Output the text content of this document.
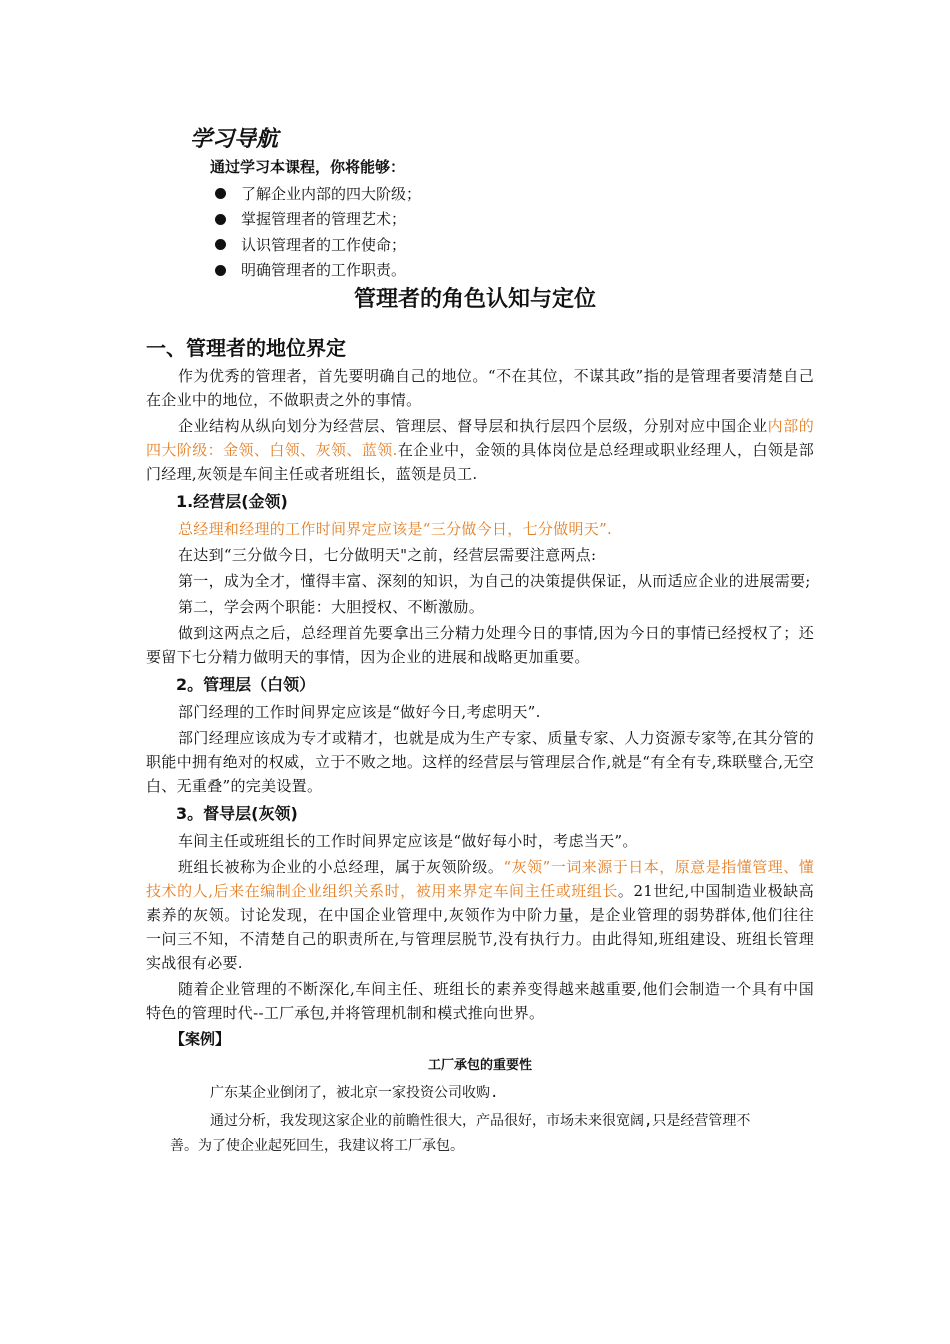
学习导航
通过学习本课程，你将能够：
了解企业内部的四大阶级；
掌握管理者的管理艺术；
认识管理者的工作使命；
明确管理者的工作职责。
管理者的角色认知与定位
一、管理者的地位界定

作为优秀的管理者，首先要明确自己的地位。“不在其位，不谋其政”指的是管理者要清楚自己在企业中的地位，不做职责之外的事情。

企业结构从纵向划分为经营层、管理层、督导层和执行层四个层级，分别对应中国企业内部的四大阶级：金领、白领、灰领、蓝领.在企业中，金领的具体岗位是总经理或职业经理人，白领是部门经理,灰领是车间主任或者班组长，蓝领是员工.

1.经营层(金领)

总经理和经理的工作时间界定应该是“三分做今日，七分做明天”.

在达到“三分做今日，七分做明天"之前，经营层需要注意两点:

第一，成为全才，懂得丰富、深刻的知识，为自己的决策提供保证，从而适应企业的进展需要;

第二，学会两个职能：大胆授权、不断激励。

做到这两点之后，总经理首先要拿出三分精力处理今日的事情,因为今日的事情已经授权了；还要留下七分精力做明天的事情，因为企业的进展和战略更加重要。

2。管理层（白领）

部门经理的工作时间界定应该是“做好今日,考虑明天”.

部门经理应该成为专才或精才，也就是成为生产专家、质量专家、人力资源专家等,在其分管的职能中拥有绝对的权威，立于不败之地。这样的经营层与管理层合作,就是“有全有专,珠联璧合,无空白、无重叠”的完美设置。

3。督导层(灰领)

车间主任或班组长的工作时间界定应该是“做好每小时，考虑当天”。

班组长被称为企业的小总经理，属于灰领阶级。“灰领”一词来源于日本，原意是指懂管理、懂技术的人,后来在编制企业组织关系时，被用来界定车间主任或班组长。21世纪,中国制造业极缺高素养的灰领。讨论发现，在中国企业管理中,灰领作为中阶力量，是企业管理的弱势群体,他们往往一问三不知，不清楚自己的职责所在,与管理层脱节,没有执行力。由此得知,班组建设、班组长管理实战很有必要.

随着企业管理的不断深化,车间主任、班组长的素养变得越来越重要,他们会制造一个具有中国特色的管理时代--工厂承包,并将管理机制和模式推向世界。

【案例】
工厂承包的重要性

广东某企业倒闭了，被北京一家投资公司收购.

通过分析，我发现这家企业的前瞻性很大，产品很好，市场未来很宽阔,只是经营管理不善。为了使企业起死回生，我建议将工厂承包。
